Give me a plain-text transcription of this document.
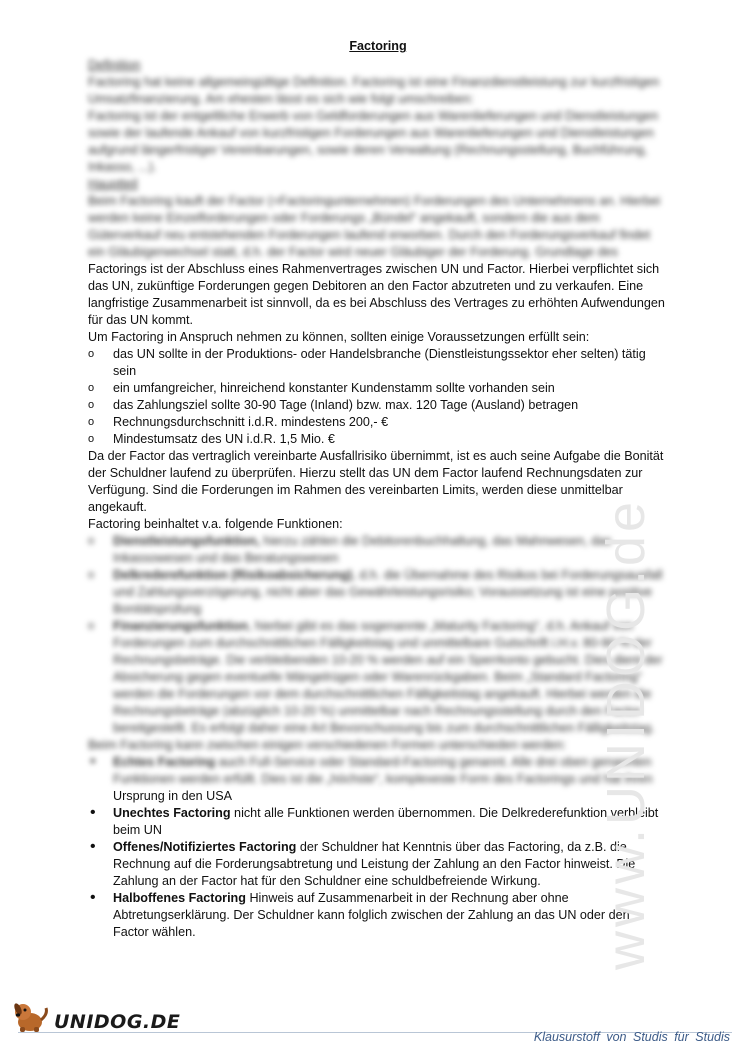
Factoring

Definition

Factoring hat keine allgemeingültige Definition. Factoring ist eine Finanzdienstleistung zur kurzfristigen Umsatzfinanzierung. Am ehesten lässt es sich wie folgt umschreiben:

Factoring ist der entgeltliche Erwerb von Geldforderungen aus Warenlieferungen und Dienstleistungen sowie der laufende Ankauf von kurzfristigen Forderungen aus Warenlieferungen und Dienstleistungen aufgrund längerfristiger Vereinbarungen, sowie deren Verwaltung (Rechnungsstellung, Buchführung, Inkasso, ...).

Hauptteil

Beim Factoring kauft der Factor (=Factoringunternehmen) Forderungen des Unternehmens an. Hierbei werden keine Einzelforderungen oder Forderungs „Bündel“ angekauft, sondern die aus dem Güterverkauf neu entstehenden Forderungen laufend erworben. Durch den Forderungsverkauf findet ein Gläubigerwechsel statt, d.h. der Factor wird neuer Gläubiger der Forderung. Grundlage des

Factorings ist der Abschluss eines Rahmenvertrages zwischen UN und Factor. Hierbei verpflichtet sich das UN, zukünftige Forderungen gegen Debitoren an den Factor abzutreten und zu verkaufen. Eine langfristige Zusammenarbeit ist sinnvoll, da es bei Abschluss des Vertrages zu erhöhten Aufwendungen für das UN kommt.

Um Factoring in Anspruch nehmen zu können, sollten einige Voraussetzungen erfüllt sein:

o das UN sollte in der Produktions- oder Handelsbranche (Dienstleistungssektor eher selten) tätig sein

o ein umfangreicher, hinreichend konstanter Kundenstamm sollte vorhanden sein

o das Zahlungsziel sollte 30-90 Tage (Inland) bzw. max. 120 Tage (Ausland) betragen

o Rechnungsdurchschnitt i.d.R. mindestens 200,- €

o Mindestumsatz des UN i.d.R. 1,5 Mio. €

Da der Factor das vertraglich vereinbarte Ausfallrisiko übernimmt, ist es auch seine Aufgabe die Bonität der Schuldner laufend zu überprüfen. Hierzu stellt das UN dem Factor laufend Rechnungsdaten zur Verfügung. Sind die Forderungen im Rahmen des vereinbarten Limits, werden diese unmittelbar angekauft.

Factoring beinhaltet v.a. folgende Funktionen:

o Dienstleistungsfunktion, hierzu zählen die Debitorenbuchhaltung, das Mahnwesen, das Inkassowesen und das Beratungswesen

o Delkrederefunktion (Risikoabsicherung), d.h. die Übernahme des Risikos bei Forderungsausfall und Zahlungsverzögerung, nicht aber das Gewährleistungsrisiko; Voraussetzung ist eine positive Bonitätsprüfung

o Finanzierungsfunktion, hierbei gibt es das sogenannte „Maturity Factoring“, d.h. Ankauf von Forderungen zum durchschnittlichen Fälligkeitstag und unmittelbare Gutschrift i.H.v. 80-90 % der Rechnungsbeträge. Die verbleibenden 10-20 % werden auf ein Sperrkonto gebucht. Dies dient der Absicherung gegen eventuelle Mängelrügen oder Warenrückgaben. Beim „Standard Factoring“ werden die Forderungen vor dem durchschnittlichen Fälligkeitstag angekauft. Hierbei werden die Rechnungsbeträge (abzüglich 10-20 %) unmittelbar nach Rechnungsstellung durch den Factor bereitgestellt. Es erfolgt daher eine Art Bevorschussung bis zum durchschnittlichen Fälligkeitstag.

Beim Factoring kann zwischen einigen verschiedenen Formen unterschieden werden:

• Echtes Factoring auch Full-Service oder Standard-Factoring genannt. Alle drei oben genannten Funktionen werden erfüllt. Dies ist die „höchste“, komplexeste Form des Factorings und hat ihren

Ursprung in den USA

• Unechtes Factoring nicht alle Funktionen werden übernommen. Die Delkrederefunktion verbleibt beim UN

• Offenes/Notifiziertes Factoring der Schuldner hat Kenntnis über das Factoring, da z.B. die Rechnung auf die Forderungsabtretung und Leistung der Zahlung an den Factor hinweist. Die Zahlung an der Factor hat für den Schuldner eine schuldbefreiende Wirkung.

• Halboffenes Factoring Hinweis auf Zusammenarbeit in der Rechnung aber ohne Abtretungserklärung. Der Schuldner kann folglich zwischen der Zahlung an das UN oder den Factor wählen.	www.UNIDOG.de
UNIDOG.DE
Klausurstoff von Studis für Studis
